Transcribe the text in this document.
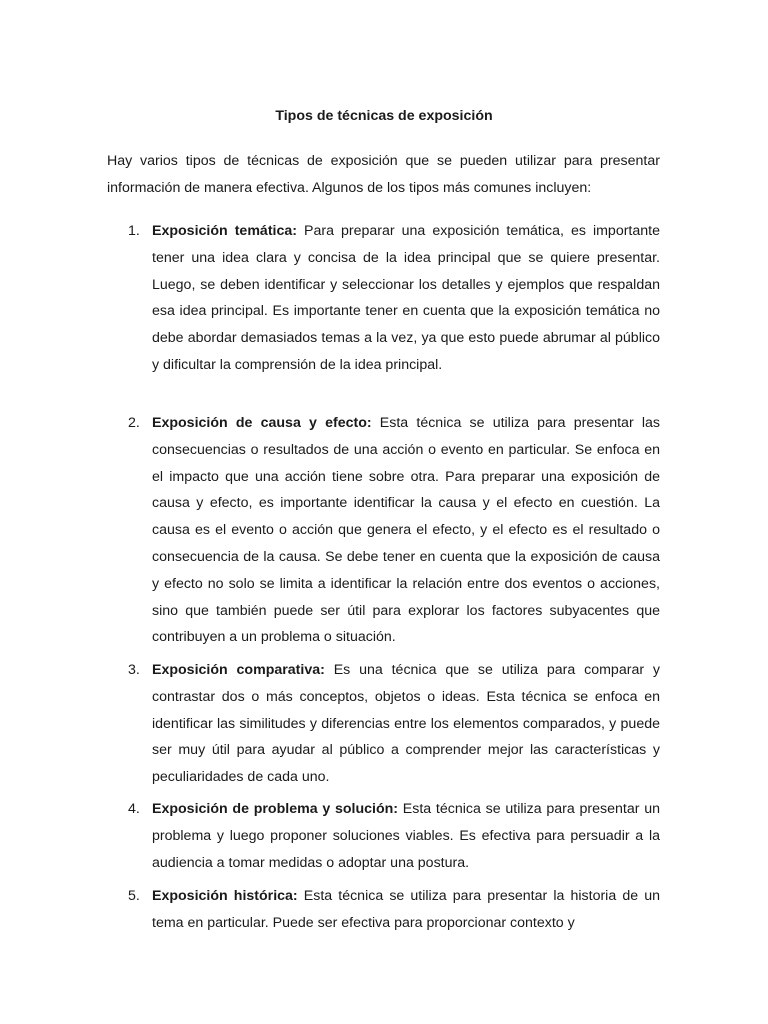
Tipos de técnicas de exposición

Hay varios tipos de técnicas de exposición que se pueden utilizar para presentar información de manera efectiva. Algunos de los tipos más comunes incluyen:

1. Exposición temática: Para preparar una exposición temática, es importante tener una idea clara y concisa de la idea principal que se quiere presentar. Luego, se deben identificar y seleccionar los detalles y ejemplos que respaldan esa idea principal. Es importante tener en cuenta que la exposición temática no debe abordar demasiados temas a la vez, ya que esto puede abrumar al público y dificultar la comprensión de la idea principal.

2. Exposición de causa y efecto: Esta técnica se utiliza para presentar las consecuencias o resultados de una acción o evento en particular. Se enfoca en el impacto que una acción tiene sobre otra. Para preparar una exposición de causa y efecto, es importante identificar la causa y el efecto en cuestión. La causa es el evento o acción que genera el efecto, y el efecto es el resultado o consecuencia de la causa. Se debe tener en cuenta que la exposición de causa y efecto no solo se limita a identificar la relación entre dos eventos o acciones, sino que también puede ser útil para explorar los factores subyacentes que contribuyen a un problema o situación.

3. Exposición comparativa: Es una técnica que se utiliza para comparar y contrastar dos o más conceptos, objetos o ideas. Esta técnica se enfoca en identificar las similitudes y diferencias entre los elementos comparados, y puede ser muy útil para ayudar al público a comprender mejor las características y peculiaridades de cada uno.

4. Exposición de problema y solución: Esta técnica se utiliza para presentar un problema y luego proponer soluciones viables. Es efectiva para persuadir a la audiencia a tomar medidas o adoptar una postura.

5. Exposición histórica: Esta técnica se utiliza para presentar la historia de un tema en particular. Puede ser efectiva para proporcionar contexto y
